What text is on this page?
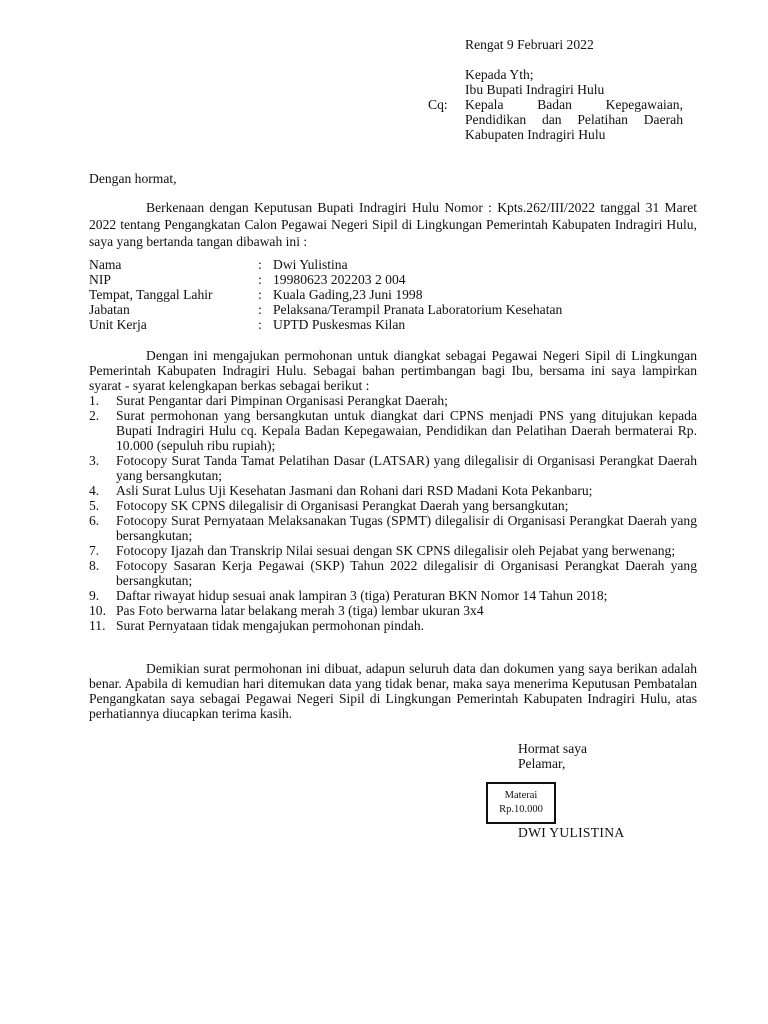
Rengat 9 Februari 2022
Kepada Yth;
Ibu Bupati Indragiri Hulu
Cq: Kepala Badan Kepegawaian, Pendidikan dan Pelatihan Daerah Kabupaten Indragiri Hulu
Dengan hormat,
Berkenaan dengan Keputusan Bupati Indragiri Hulu Nomor : Kpts.262/III/2022 tanggal 31 Maret 2022 tentang Pengangkatan Calon Pegawai Negeri Sipil di Lingkungan Pemerintah Kabupaten Indragiri Hulu, saya yang bertanda tangan dibawah ini :
Nama	: Dwi Yulistina
NIP	: 19980623 202203 2 004
Tempat, Tanggal Lahir	: Kuala Gading,23 Juni 1998
Jabatan	: Pelaksana/Terampil Pranata Laboratorium Kesehatan
Unit Kerja	: UPTD Puskesmas Kilan
Dengan ini mengajukan permohonan untuk diangkat sebagai Pegawai Negeri Sipil di Lingkungan Pemerintah Kabupaten Indragiri Hulu. Sebagai bahan pertimbangan bagi Ibu, bersama ini saya lampirkan syarat - syarat kelengkapan berkas sebagai berikut :
1.	Surat Pengantar dari Pimpinan Organisasi Perangkat Daerah;
2.	Surat permohonan yang bersangkutan untuk diangkat dari CPNS menjadi PNS yang ditujukan kepada Bupati Indragiri Hulu cq. Kepala Badan Kepegawaian, Pendidikan dan Pelatihan Daerah bermaterai Rp. 10.000 (sepuluh ribu rupiah);
3.	Fotocopy Surat Tanda Tamat Pelatihan Dasar (LATSAR) yang dilegalisir di Organisasi Perangkat Daerah yang bersangkutan;
4.	Asli Surat Lulus Uji Kesehatan Jasmani dan Rohani dari RSD Madani Kota Pekanbaru;
5.	Fotocopy SK CPNS dilegalisir di Organisasi Perangkat Daerah yang bersangkutan;
6.	Fotocopy Surat Pernyataan Melaksanakan Tugas (SPMT) dilegalisir di Organisasi Perangkat Daerah yang bersangkutan;
7.	Fotocopy Ijazah dan Transkrip Nilai sesuai dengan SK CPNS dilegalisir oleh Pejabat yang berwenang;
8.	Fotocopy Sasaran Kerja Pegawai (SKP) Tahun 2022 dilegalisir di Organisasi Perangkat Daerah yang bersangkutan;
9.	Daftar riwayat hidup sesuai anak lampiran 3 (tiga) Peraturan BKN Nomor 14 Tahun 2018;
10. Pas Foto berwarna latar belakang merah 3 (tiga) lembar ukuran 3x4
11. Surat Pernyataan tidak mengajukan permohonan pindah.
Demikian surat permohonan ini dibuat, adapun seluruh data dan dokumen yang saya berikan adalah benar. Apabila di kemudian hari ditemukan data yang tidak benar, maka saya menerima Keputusan Pembatalan Pengangkatan saya sebagai Pegawai Negeri Sipil di Lingkungan Pemerintah Kabupaten Indragiri Hulu, atas perhatiannya diucapkan terima kasih.
Hormat saya
Pelamar,
Materai
Rp.10.000
DWI YULISTINA
